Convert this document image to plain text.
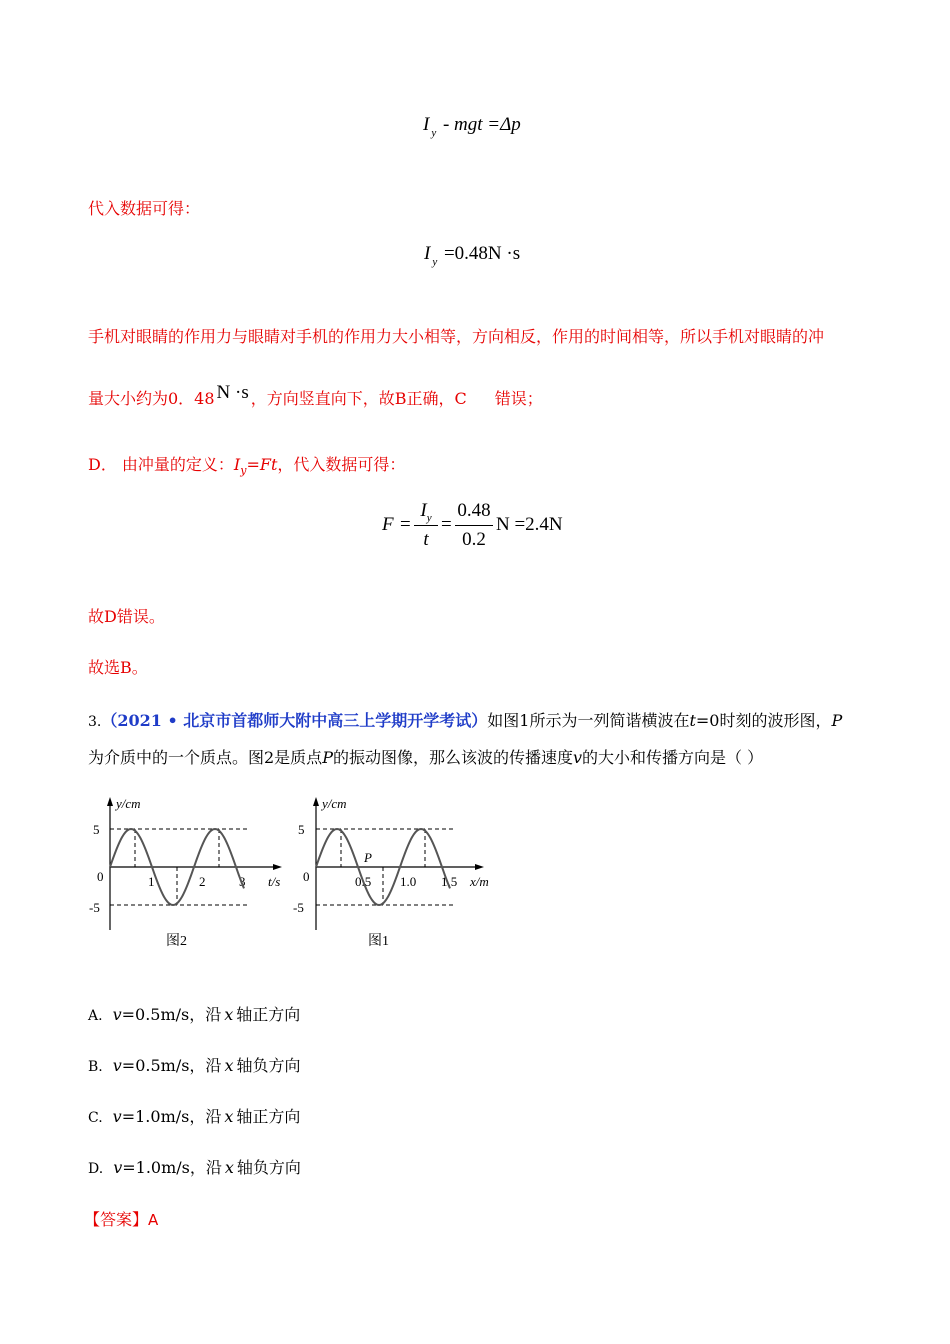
I $_y$ - mgt =Δp
代入数据可得：
I $_y$ =0.48N ·s
手机对眼睛的作用力与眼睛对手机的作用力大小相等，方向相反，作用的时间相等，所以手机对眼睛的冲
量大小约为0．48 N ·s ，方向竖直向下，故B正确，C 错误；
D． 由冲量的定义：$I_y=Ft$，代入数据可得：
F =
$I_y$
t
=
0.48
0.2
N =2.4N
故D错误。
故选B。
3.（2021 • 北京市首都师大附中高三上学期开学考试）如图1所示为一列简谐横波在t=0时刻的波形图，P
为介质中的一个质点。图2是质点P的振动图像，那么该波的传播速度v的大小和传播方向是（ ）
y/cm
5
0
-5
1	2	3 t/s
图2
y/cm
5
0
-5
0.5 1.0 1.5 x/m
P
图1
A. v=0.5m/s，沿 x 轴正方向
B. v=0.5m/s，沿 x 轴负方向
C. v=1.0m/s，沿 x 轴正方向
D. v=1.0m/s，沿 x 轴负方向
【答案】A
